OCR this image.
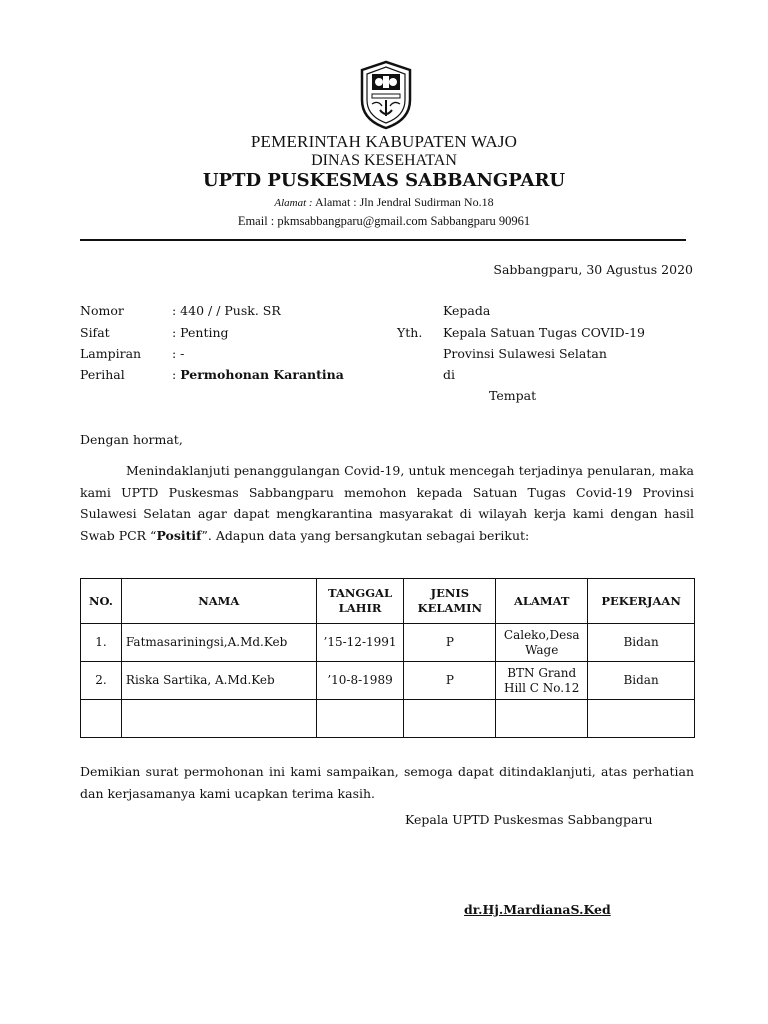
PEMERINTAH KABUPATEN WAJO
DINAS KESEHATAN
UPTD PUSKESMAS SABBANGPARU
Alamat : Alamat : Jln Jendral Sudirman No.18
Email : pkmsabbangparu@gmail.com Sabbangparu 90961
Sabbangparu, 30 Agustus 2020
Nomor	: 440 / / Pusk. SR
Sifat	: Penting
Lampiran : -
Perihal	: Permohonan Karantina
Kepada
Yth. Kepala Satuan Tugas COVID-19
Provinsi Sulawesi Selatan
di
Tempat
Dengan hormat,
Menindaklanjuti penanggulangan Covid-19, untuk mencegah terjadinya penularan, maka kami UPTD Puskesmas Sabbangparu memohon kepada Satuan Tugas Covid-19 Provinsi Sulawesi Selatan agar dapat mengkarantina masyarakat di wilayah kerja kami dengan hasil Swab PCR “Positif”. Adapun data yang bersangkutan sebagai berikut:
NO.	NAMA	TANGGAL LAHIR	JENIS KELAMIN	ALAMAT	PEKERJAAN
1.	Fatmasariningsi,A.Md.Keb	’15-12-1991	P	Caleko,Desa Wage	Bidan
2.	Riska Sartika, A.Md.Keb	’10-8-1989	P	BTN Grand Hill C No.12	Bidan

Demikian surat permohonan ini kami sampaikan, semoga dapat ditindaklanjuti, atas perhatian dan kerjasamanya kami ucapkan terima kasih.
Kepala UPTD Puskesmas Sabbangparu
dr.Hj.MardianaS.Ked
